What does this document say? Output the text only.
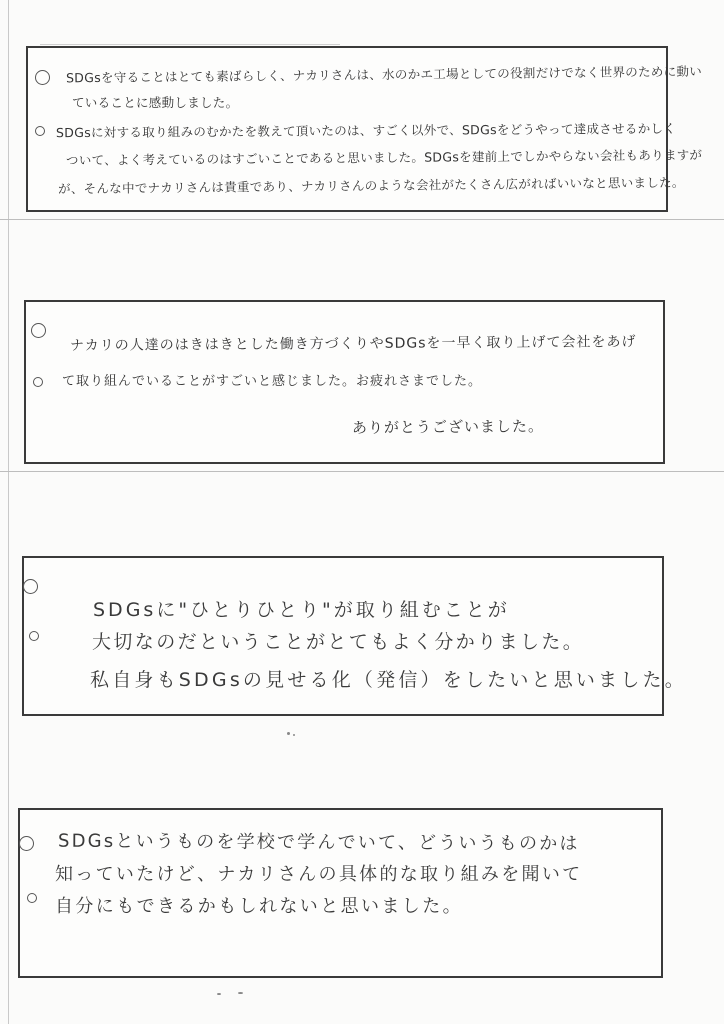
SDGsを守ることはとても素ばらしく、ナカリさんは、水のかエ工場としての役割だけでなく世界のために動い
ていることに感動しました。
SDGsに対する取り組みのむかたを教えて頂いたのは、すごく以外で、SDGsをどうやって達成させるかしく
ついて、よく考えているのはすごいことであると思いました。SDGsを建前上でしかやらない会社もありますが
が、そんな中でナカリさんは貴重であり、ナカリさんのような会社がたくさん広がればいいなと思いました。
ナカリの人達のはきはきとした働き方づくりやSDGsを一早く取り上げて会社をあげ
て取り組んでいることがすごいと感じました。お疲れさまでした。
ありがとうございました。
SDGsに"ひとりひとり"が取り組むことが
大切なのだということがとてもよく分かりました。
私自身もSDGsの見せる化（発信）をしたいと思いました。
SDGsというものを学校で学んでいて、どういうものかは
知っていたけど、ナカリさんの具体的な取り組みを聞いて
自分にもできるかもしれないと思いました。
